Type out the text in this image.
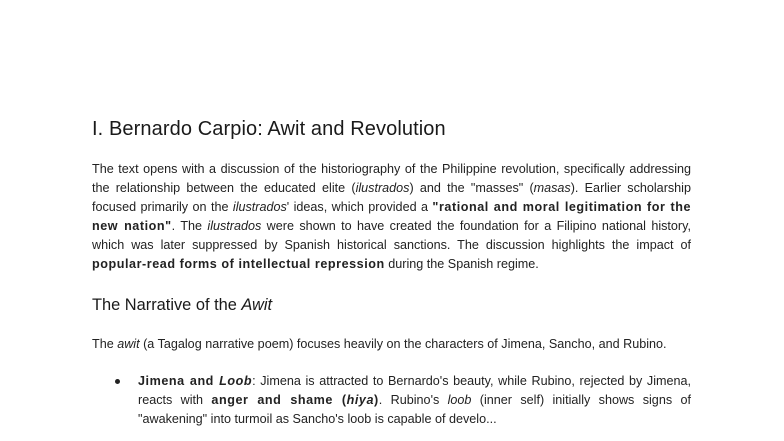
I. Bernardo Carpio: Awit and Revolution

The text opens with a discussion of the historiography of the Philippine revolution, specifically addressing the relationship between the educated elite (ilustrados) and the "masses" (masas). Earlier scholarship focused primarily on the ilustrados' ideas, which provided a "rational and moral legitimation for the new nation". The ilustrados were shown to have created the foundation for a Filipino national history, which was later suppressed by Spanish historical sanctions. The discussion highlights the impact of popular-read forms of intellectual repression during the Spanish regime.

The Narrative of the Awit

The awit (a Tagalog narrative poem) focuses heavily on the characters of Jimena, Sancho, and Rubino.

Jimena and Loob: Jimena is attracted to Bernardo's beauty, while Rubino, rejected by Jimena, reacts with anger and shame (hiya). Rubino's loob (inner self) initially shows signs of "awakening" into turmoil as Sancho's loob is capable of develo...
